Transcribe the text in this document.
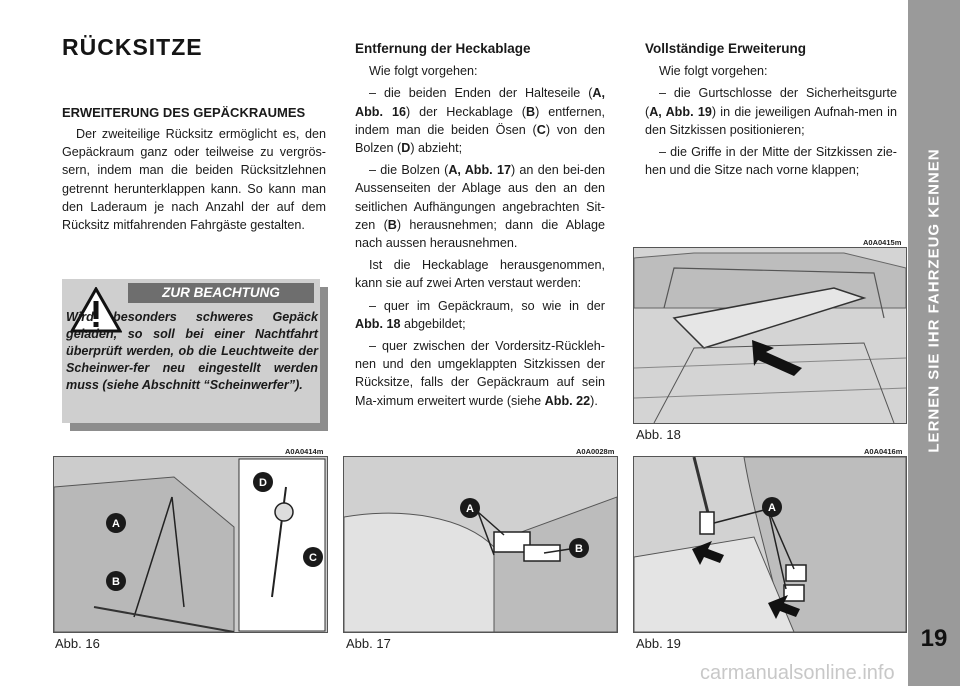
LERNEN SIE IHR FAHRZEUG KENNEN
19
RÜCKSITZE
ERWEITERUNG DES GEPÄCKRAUMES

Der zweiteilige Rücksitz ermöglicht es, den Gepäckraum ganz oder teilweise zu vergrös-sern, indem man die beiden Rücksitzlehnen getrennt herunterklappen kann. So kann man den Laderaum je nach Anzahl der auf dem Rücksitz mitfahrenden Fahrgäste gestalten.

ZUR BEACHTUNG
Wird besonders schweres Gepäck geladen, so soll bei einer Nachtfahrt überprüft werden, ob die Leuchtweite der Scheinwer-fer neu eingestellt werden muss (siehe Abschnitt “Scheinwerfer”).
Entfernung der Heckablage

Wie folgt vorgehen:

– die beiden Enden der Halteseile (A, Abb. 16) der Heckablage (B) entfernen, indem man die beiden Ösen (C) von den Bolzen (D) abzieht;

– die Bolzen (A, Abb. 17) an den bei-den Aussenseiten der Ablage aus den an den seitlichen Aufhängungen angebrachten Sit-zen (B) herausnehmen; dann die Ablage nach aussen herausnehmen.

Ist die Heckablage herausgenommen, kann sie auf zwei Arten verstaut werden:

– quer im Gepäckraum, so wie in der Abb. 18 abgebildet;

– quer zwischen der Vordersitz-Rückleh-nen und den umgeklappten Sitzkissen der Rücksitze, falls der Gepäckraum auf sein Ma-ximum erweitert wurde (siehe Abb. 22).

Vollständige Erweiterung

Wie folgt vorgehen:

– die Gurtschlosse der Sicherheitsgurte (A, Abb. 19) in die jeweiligen Aufnah-men in den Sitzkissen positionieren;

– die Griffe in der Mitte der Sitzkissen zie-hen und die Sitze nach vorne klappen;

A0A0415m
Abb. 18
A0A0414m
A
B
C
D
Abb. 16
A0A0028m
A
B
Abb. 17
A0A0416m
A
Abb. 19
carmanualsonline.info
